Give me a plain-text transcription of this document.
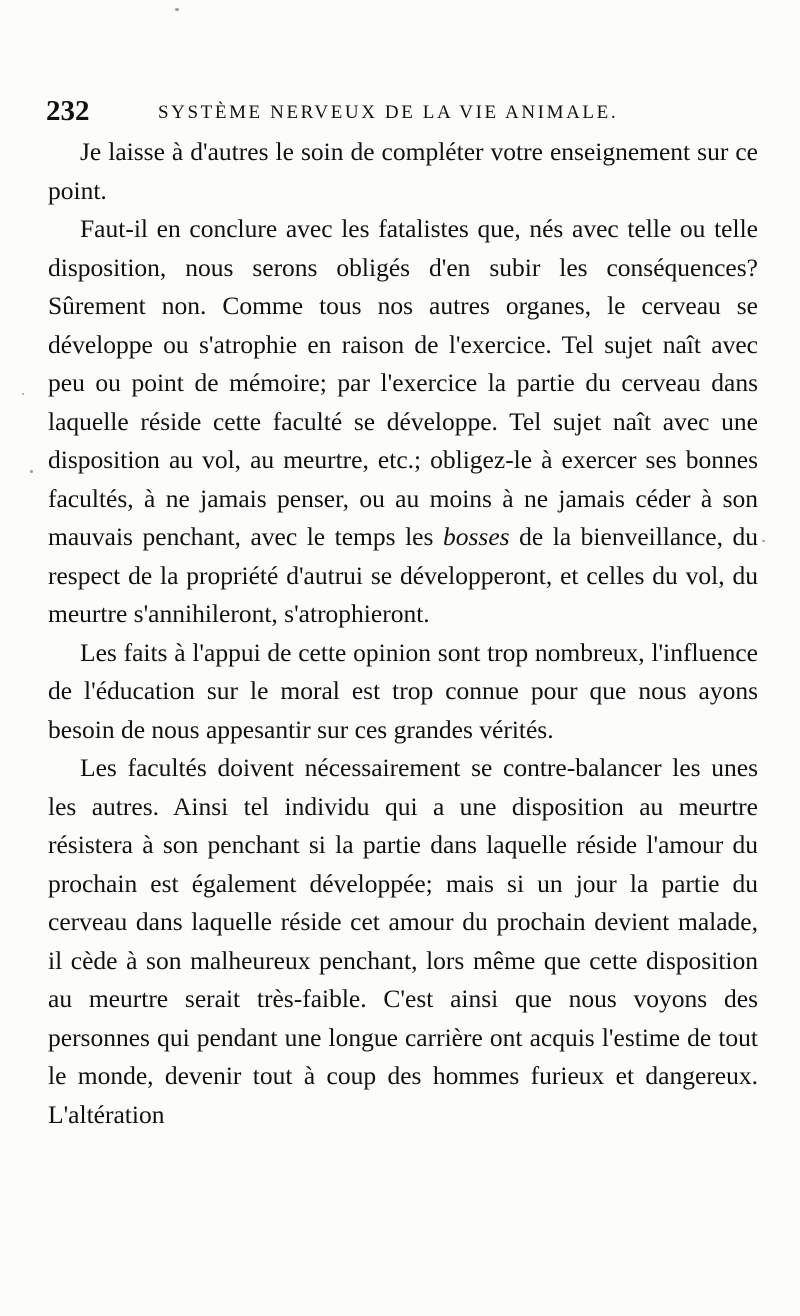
232	SYSTÈME NERVEUX DE LA VIE ANIMALE.

Je laisse à d'autres le soin de compléter votre enseignement sur ce point.

Faut-il en conclure avec les fatalistes que, nés avec telle ou telle disposition, nous serons obligés d'en subir les conséquences? Sûrement non. Comme tous nos autres organes, le cerveau se développe ou s'atrophie en raison de l'exercice. Tel sujet naît avec peu ou point de mémoire; par l'exercice la partie du cerveau dans laquelle réside cette faculté se développe. Tel sujet naît avec une disposition au vol, au meurtre, etc.; obligez-le à exercer ses bonnes facultés, à ne jamais penser, ou au moins à ne jamais céder à son mauvais penchant, avec le temps les bosses de la bienveillance, du respect de la propriété d'autrui se développeront, et celles du vol, du meurtre s'annihileront, s'atrophieront.

Les faits à l'appui de cette opinion sont trop nombreux, l'influence de l'éducation sur le moral est trop connue pour que nous ayons besoin de nous appesantir sur ces grandes vérités.

Les facultés doivent nécessairement se contre-balancer les unes les autres. Ainsi tel individu qui a une disposition au meurtre résistera à son penchant si la partie dans laquelle réside l'amour du prochain est également développée; mais si un jour la partie du cerveau dans laquelle réside cet amour du prochain devient malade, il cède à son malheureux penchant, lors même que cette disposition au meurtre serait très-faible. C'est ainsi que nous voyons des personnes qui pendant une longue carrière ont acquis l'estime de tout le monde, devenir tout à coup des hommes furieux et dangereux. L'altération
